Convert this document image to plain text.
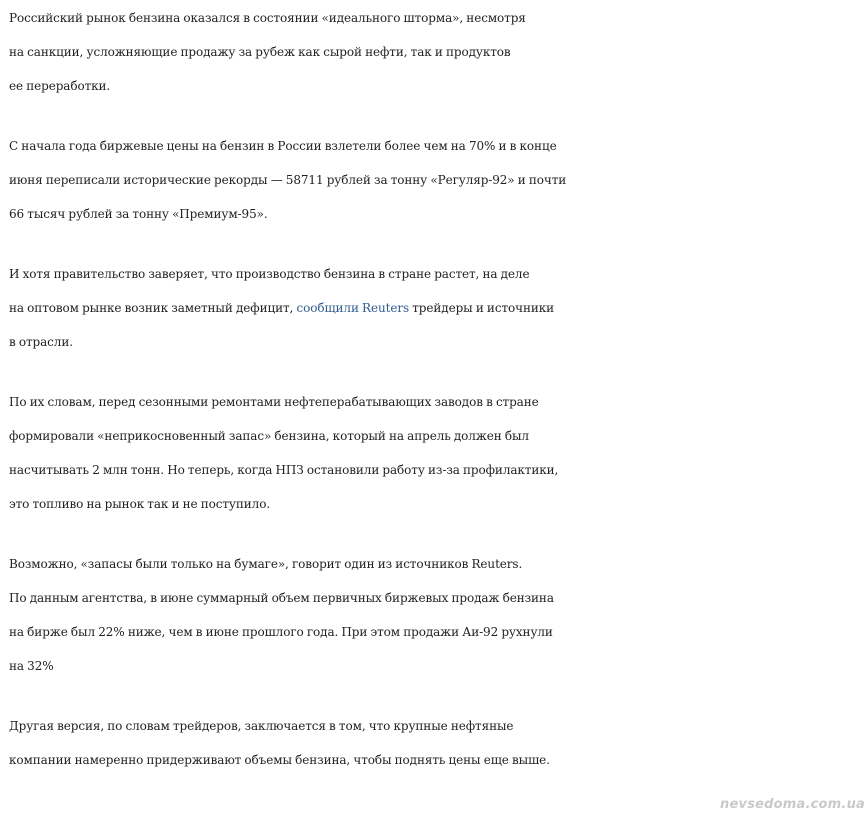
Российский рынок бензина оказался в состоянии «идеального шторма», несмотря
на санкции, усложняющие продажу за рубеж как сырой нефти, так и продуктов
ее переработки.

С начала года биржевые цены на бензин в России взлетели более чем на 70% и в конце
июня переписали исторические рекорды — 58711 рублей за тонну «Регуляр-92» и почти
66 тысяч рублей за тонну «Премиум-95».

И хотя правительство заверяет, что производство бензина в стране растет, на деле
на оптовом рынке возник заметный дефицит, сообщили Reuters трейдеры и источники
в отрасли.

По их словам, перед сезонными ремонтами нефтеперабатывающих заводов в стране
формировали «неприкосновенный запас» бензина, который на апрель должен был
насчитывать 2 млн тонн. Но теперь, когда НПЗ остановили работу из-за профилактики,
это топливо на рынок так и не поступило.

Возможно, «запасы были только на бумаге», говорит один из источников Reuters.
По данным агентства, в июне суммарный объем первичных биржевых продаж бензина
на бирже был 22% ниже, чем в июне прошлого года. При этом продажи Аи-92 рухнули
на 32%

Другая версия, по словам трейдеров, заключается в том, что крупные нефтяные
компании намеренно придерживают объемы бензина, чтобы поднять цены еще выше.

nevsedoma.com.ua
